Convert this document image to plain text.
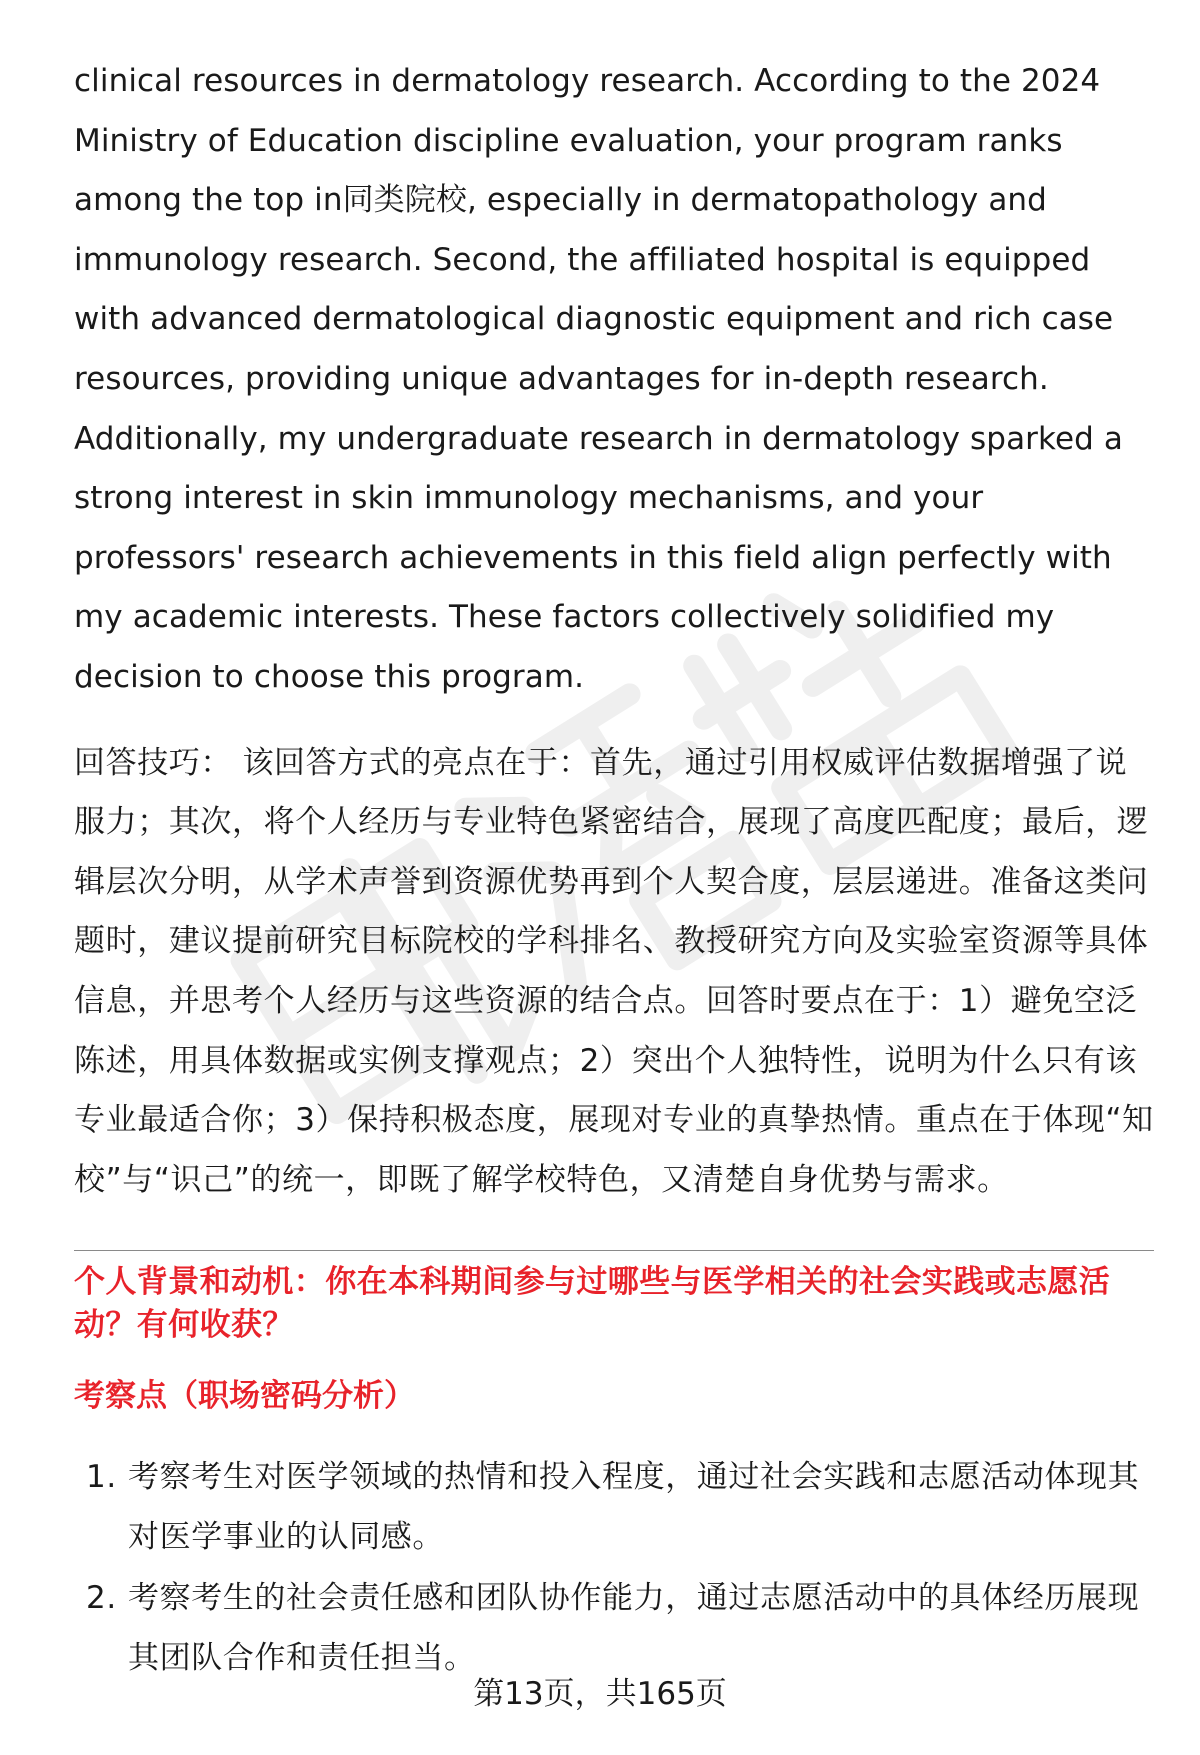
clinical resources in dermatology research. According to the 2024 Ministry of Education discipline evaluation, your program ranks among the top in同类院校, especially in dermatopathology and immunology research. Second, the affiliated hospital is equipped with advanced dermatological diagnostic equipment and rich case resources, providing unique advantages for in-depth research. Additionally, my undergraduate research in dermatology sparked a strong interest in skin immunology mechanisms, and your professors' research achievements in this field align perfectly with my academic interests. These factors collectively solidified my decision to choose this program.

回答技巧： 该回答方式的亮点在于：首先，通过引用权威评估数据增强了说服力；其次，将个人经历与专业特色紧密结合，展现了高度匹配度；最后，逻辑层次分明，从学术声誉到资源优势再到个人契合度，层层递进。准备这类问题时，建议提前研究目标院校的学科排名、教授研究方向及实验室资源等具体信息，并思考个人经历与这些资源的结合点。回答时要点在于：1）避免空泛陈述，用具体数据或实例支撑观点；2）突出个人独特性，说明为什么只有该专业最适合你；3）保持积极态度，展现对专业的真挚热情。重点在于体现“知校”与“识己”的统一，即既了解学校特色，又清楚自身优势与需求。

个人背景和动机：你在本科期间参与过哪些与医学相关的社会实践或志愿活动？有何收获？

考察点（职场密码分析）

1. 考察考生对医学领域的热情和投入程度，通过社会实践和志愿活动体现其对医学事业的认同感。
2. 考察考生的社会责任感和团队协作能力，通过志愿活动中的具体经历展现其团队合作和责任担当。
第13页，共165页
